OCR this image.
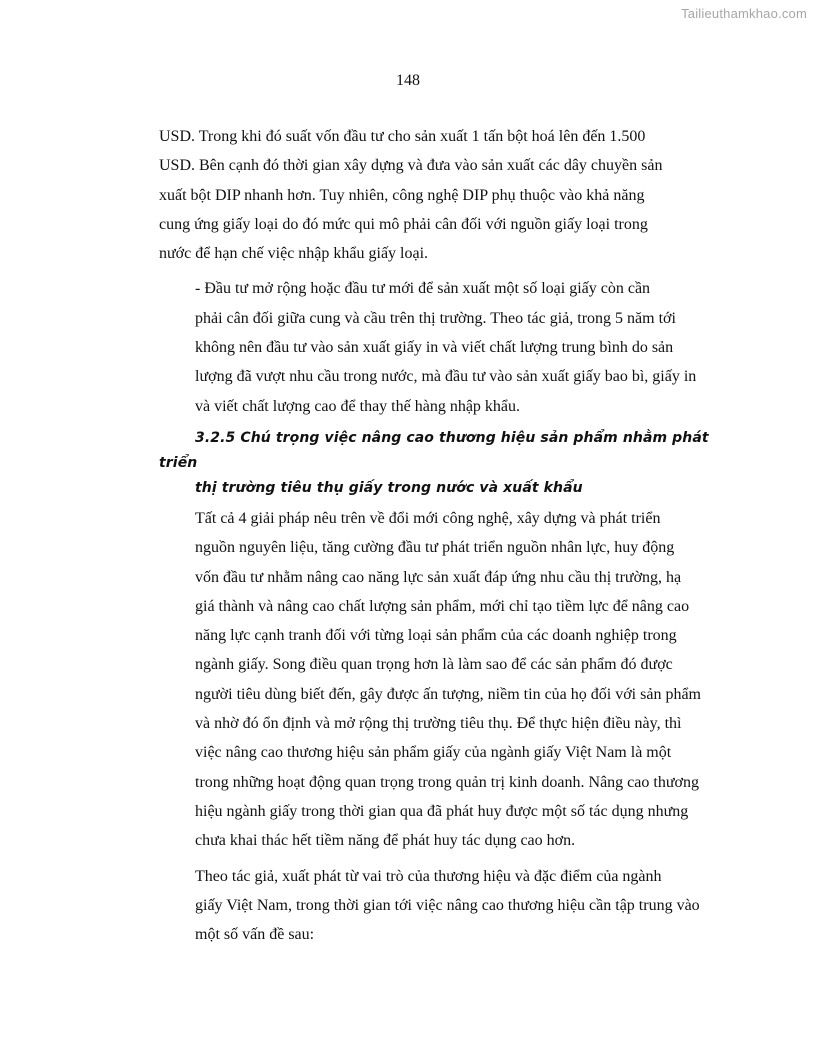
Tailieuthamkhao.com
148

USD. Trong khi đó suất vốn đầu tư cho sản xuất 1 tấn bột hoá lên đến 1.500
USD. Bên cạnh đó thời gian xây dựng và đưa vào sản xuất các dây chuyền sản
xuất bột DIP nhanh hơn. Tuy nhiên, công nghệ DIP phụ thuộc vào khả năng
cung ứng giấy loại do đó mức qui mô phải cân đối với nguồn giấy loại trong
nước để hạn chế việc nhập khẩu giấy loại.

- Đầu tư mở rộng hoặc đầu tư mới để sản xuất một số loại giấy còn cần
phải cân đối giữa cung và cầu trên thị trường. Theo tác giả, trong 5 năm tới
không nên đầu tư vào sản xuất giấy in và viết chất lượng trung bình do sản
lượng đã vượt nhu cầu trong nước, mà đầu tư vào sản xuất giấy bao bì, giấy in
và viết chất lượng cao để thay thế hàng nhập khẩu.

3.2.5 Chú trọng việc nâng cao thương hiệu sản phẩm nhằm phát triển
thị trường tiêu thụ giấy trong nước và xuất khẩu

Tất cả 4 giải pháp nêu trên về đổi mới công nghệ, xây dựng và phát triển
nguồn nguyên liệu, tăng cường đầu tư phát triển nguồn nhân lực, huy động
vốn đầu tư nhằm nâng cao năng lực sản xuất đáp ứng nhu cầu thị trường, hạ
giá thành và nâng cao chất lượng sản phẩm, mới chỉ tạo tiềm lực để nâng cao
năng lực cạnh tranh đối với từng loại sản phẩm của các doanh nghiệp trong
ngành giấy. Song điều quan trọng hơn là làm sao để các sản phẩm đó được
người tiêu dùng biết đến, gây được ấn tượng, niềm tin của họ đối với sản phẩm
và nhờ đó ổn định và mở rộng thị trường tiêu thụ. Để thực hiện điều này, thì
việc nâng cao thương hiệu sản phẩm giấy của ngành giấy Việt Nam là một
trong những hoạt động quan trọng trong quản trị kinh doanh. Nâng cao thương
hiệu ngành giấy trong thời gian qua đã phát huy được một số tác dụng nhưng
chưa khai thác hết tiềm năng để phát huy tác dụng cao hơn.

Theo tác giả, xuất phát từ vai trò của thương hiệu và đặc điểm của ngành
giấy Việt Nam, trong thời gian tới việc nâng cao thương hiệu cần tập trung vào
một số vấn đề sau:
